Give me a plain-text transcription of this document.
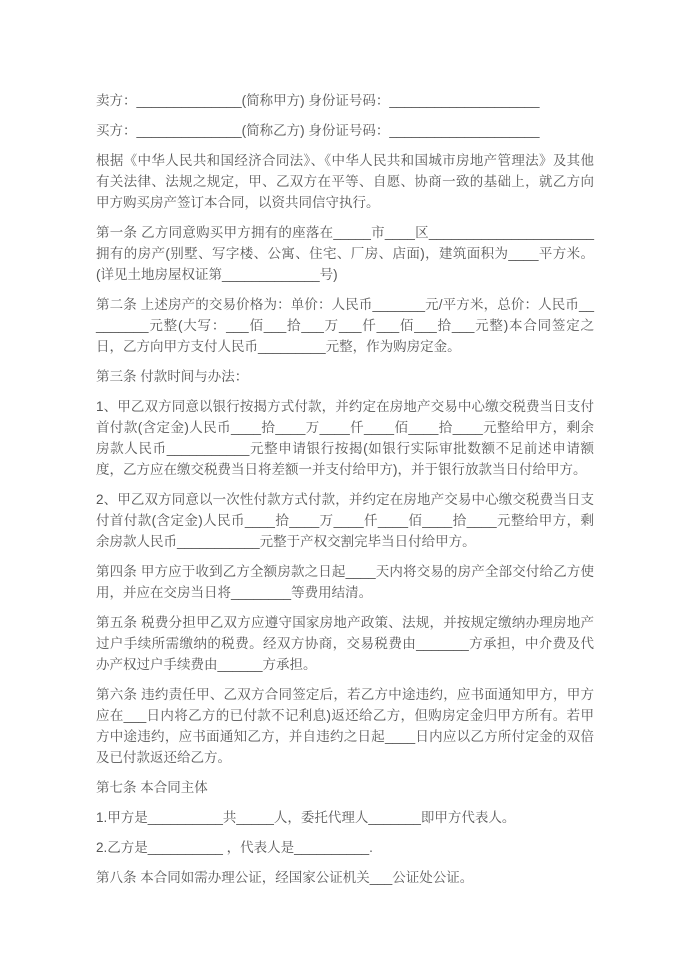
卖方：______________(简称甲方) 身份证号码：____________________

买方：______________(简称乙方) 身份证号码：____________________

根据《中华人民共和国经济合同法》、《中华人民共和国城市房地产管理法》及其他有关法律、法规之规定，甲、乙双方在平等、自愿、协商一致的基础上，就乙方向甲方购买房产签订本合同，以资共同信守执行。

第一条 乙方同意购买甲方拥有的座落在_____市____区______________________拥有的房产(别墅、写字楼、公寓、住宅、厂房、店面)，建筑面积为____平方米。(详见土地房屋权证第_____________号)

第二条 上述房产的交易价格为：单价：人民币_______元/平方米，总价：人民币_________元整(大写：___佰___拾___万___仟___佰___拾___元整)本合同签定之日，乙方向甲方支付人民币_________元整，作为购房定金。

第三条 付款时间与办法：

1、甲乙双方同意以银行按揭方式付款，并约定在房地产交易中心缴交税费当日支付首付款(含定金)人民币____拾____万____仟____佰____拾____元整给甲方，剩余房款人民币___________元整申请银行按揭(如银行实际审批数额不足前述申请额度，乙方应在缴交税费当日将差额一并支付给甲方)，并于银行放款当日付给甲方。

2、甲乙双方同意以一次性付款方式付款，并约定在房地产交易中心缴交税费当日支付首付款(含定金)人民币____拾____万____仟____佰____拾____元整给甲方，剩余房款人民币___________元整于产权交割完毕当日付给甲方。

第四条 甲方应于收到乙方全额房款之日起____天内将交易的房产全部交付给乙方使用，并应在交房当日将________等费用结清。

第五条 税费分担甲乙双方应遵守国家房地产政策、法规，并按规定缴纳办理房地产过户手续所需缴纳的税费。经双方协商，交易税费由_______方承担，中介费及代办产权过户手续费由______方承担。

第六条 违约责任甲、乙双方合同签定后，若乙方中途违约，应书面通知甲方，甲方应在___日内将乙方的已付款不记利息)返还给乙方，但购房定金归甲方所有。若甲方中途违约，应书面通知乙方，并自违约之日起____日内应以乙方所付定金的双倍及已付款返还给乙方。

第七条 本合同主体

1.甲方是__________共_____人，委托代理人_______即甲方代表人。

2.乙方是__________ ，代表人是__________.

第八条 本合同如需办理公证，经国家公证机关___公证处公证。
